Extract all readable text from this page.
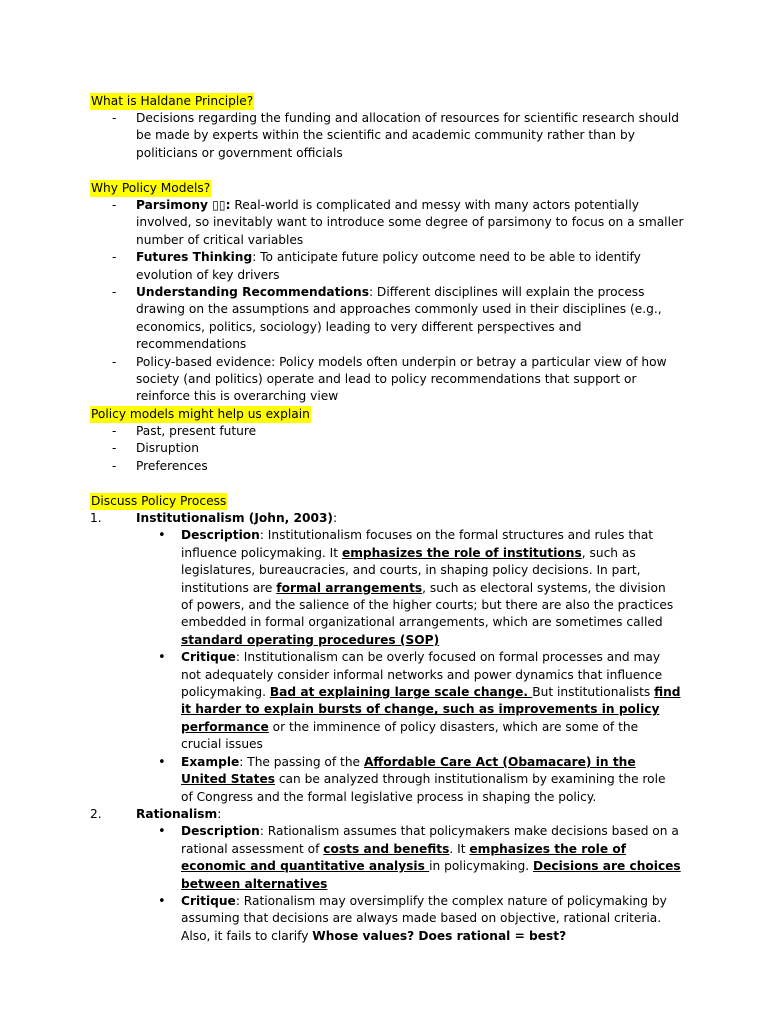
What is Haldane Principle?
- Decisions regarding the funding and allocation of resources for scientific research should be made by experts within the scientific and academic community rather than by politicians or government officials
Why Policy Models?
- Parsimony ▯▯: Real-world is complicated and messy with many actors potentially involved, so inevitably want to introduce some degree of parsimony to focus on a smaller number of critical variables
- Futures Thinking: To anticipate future policy outcome need to be able to identify evolution of key drivers
- Understanding Recommendations: Different disciplines will explain the process drawing on the assumptions and approaches commonly used in their disciplines (e.g., economics, politics, sociology) leading to very different perspectives and recommendations
- Policy-based evidence: Policy models often underpin or betray a particular view of how society (and politics) operate and lead to policy recommendations that support or reinforce this is overarching view
Policy models might help us explain
- Past, present future
- Disruption
- Preferences
Discuss Policy Process
1.	Institutionalism (John, 2003):
• Description: Institutionalism focuses on the formal structures and rules that influence policymaking. It emphasizes the role of institutions, such as legislatures, bureaucracies, and courts, in shaping policy decisions. In part, institutions are formal arrangements, such as electoral systems, the division of powers, and the salience of the higher courts; but there are also the practices embedded in formal organizational arrangements, which are sometimes called standard operating procedures (SOP)
• Critique: Institutionalism can be overly focused on formal processes and may not adequately consider informal networks and power dynamics that influence policymaking. Bad at explaining large scale change. But institutionalists find it harder to explain bursts of change, such as improvements in policy performance or the imminence of policy disasters, which are some of the crucial issues
• Example: The passing of the Affordable Care Act (Obamacare) in the United States can be analyzed through institutionalism by examining the role of Congress and the formal legislative process in shaping the policy.
2.	Rationalism:
• Description: Rationalism assumes that policymakers make decisions based on a rational assessment of costs and benefits. It emphasizes the role of economic and quantitative analysis in policymaking. Decisions are choices between alternatives
• Critique: Rationalism may oversimplify the complex nature of policymaking by assuming that decisions are always made based on objective, rational criteria. Also, it fails to clarify Whose values? Does rational = best?
